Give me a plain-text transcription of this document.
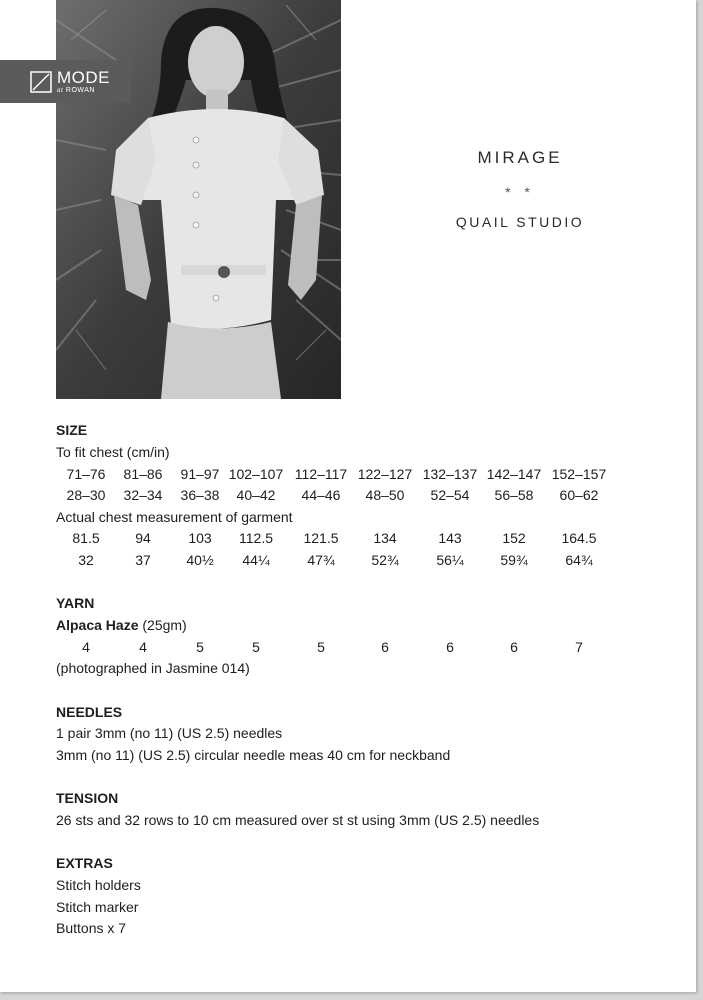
MODE
at ROWAN
MIRAGE
* *
QUAIL STUDIO
SIZE
To fit chest (cm/in)
71–76	81–86	91–97 102–107 112–117 122–127 132–137 142–147 152–157
28–30	32–34	36–38	40–42	44–46	48–50	52–54	56–58	60–62
Actual chest measurement of garment
81.5	94	103	112.5	121.5	134	143	152	164.5
32	37	40½	44¼	47¾	52¾	56¼	59¾	64¾
YARN
Alpaca Haze (25gm)
4	4	5	5	5	6	6	6	7
(photographed in Jasmine 014)
NEEDLES
1 pair 3mm (no 11) (US 2.5) needles
3mm (no 11) (US 2.5) circular needle meas 40 cm for neckband
TENSION
26 sts and 32 rows to 10 cm measured over st st using 3mm (US 2.5) needles
EXTRAS
Stitch holders
Stitch marker
Buttons x 7
